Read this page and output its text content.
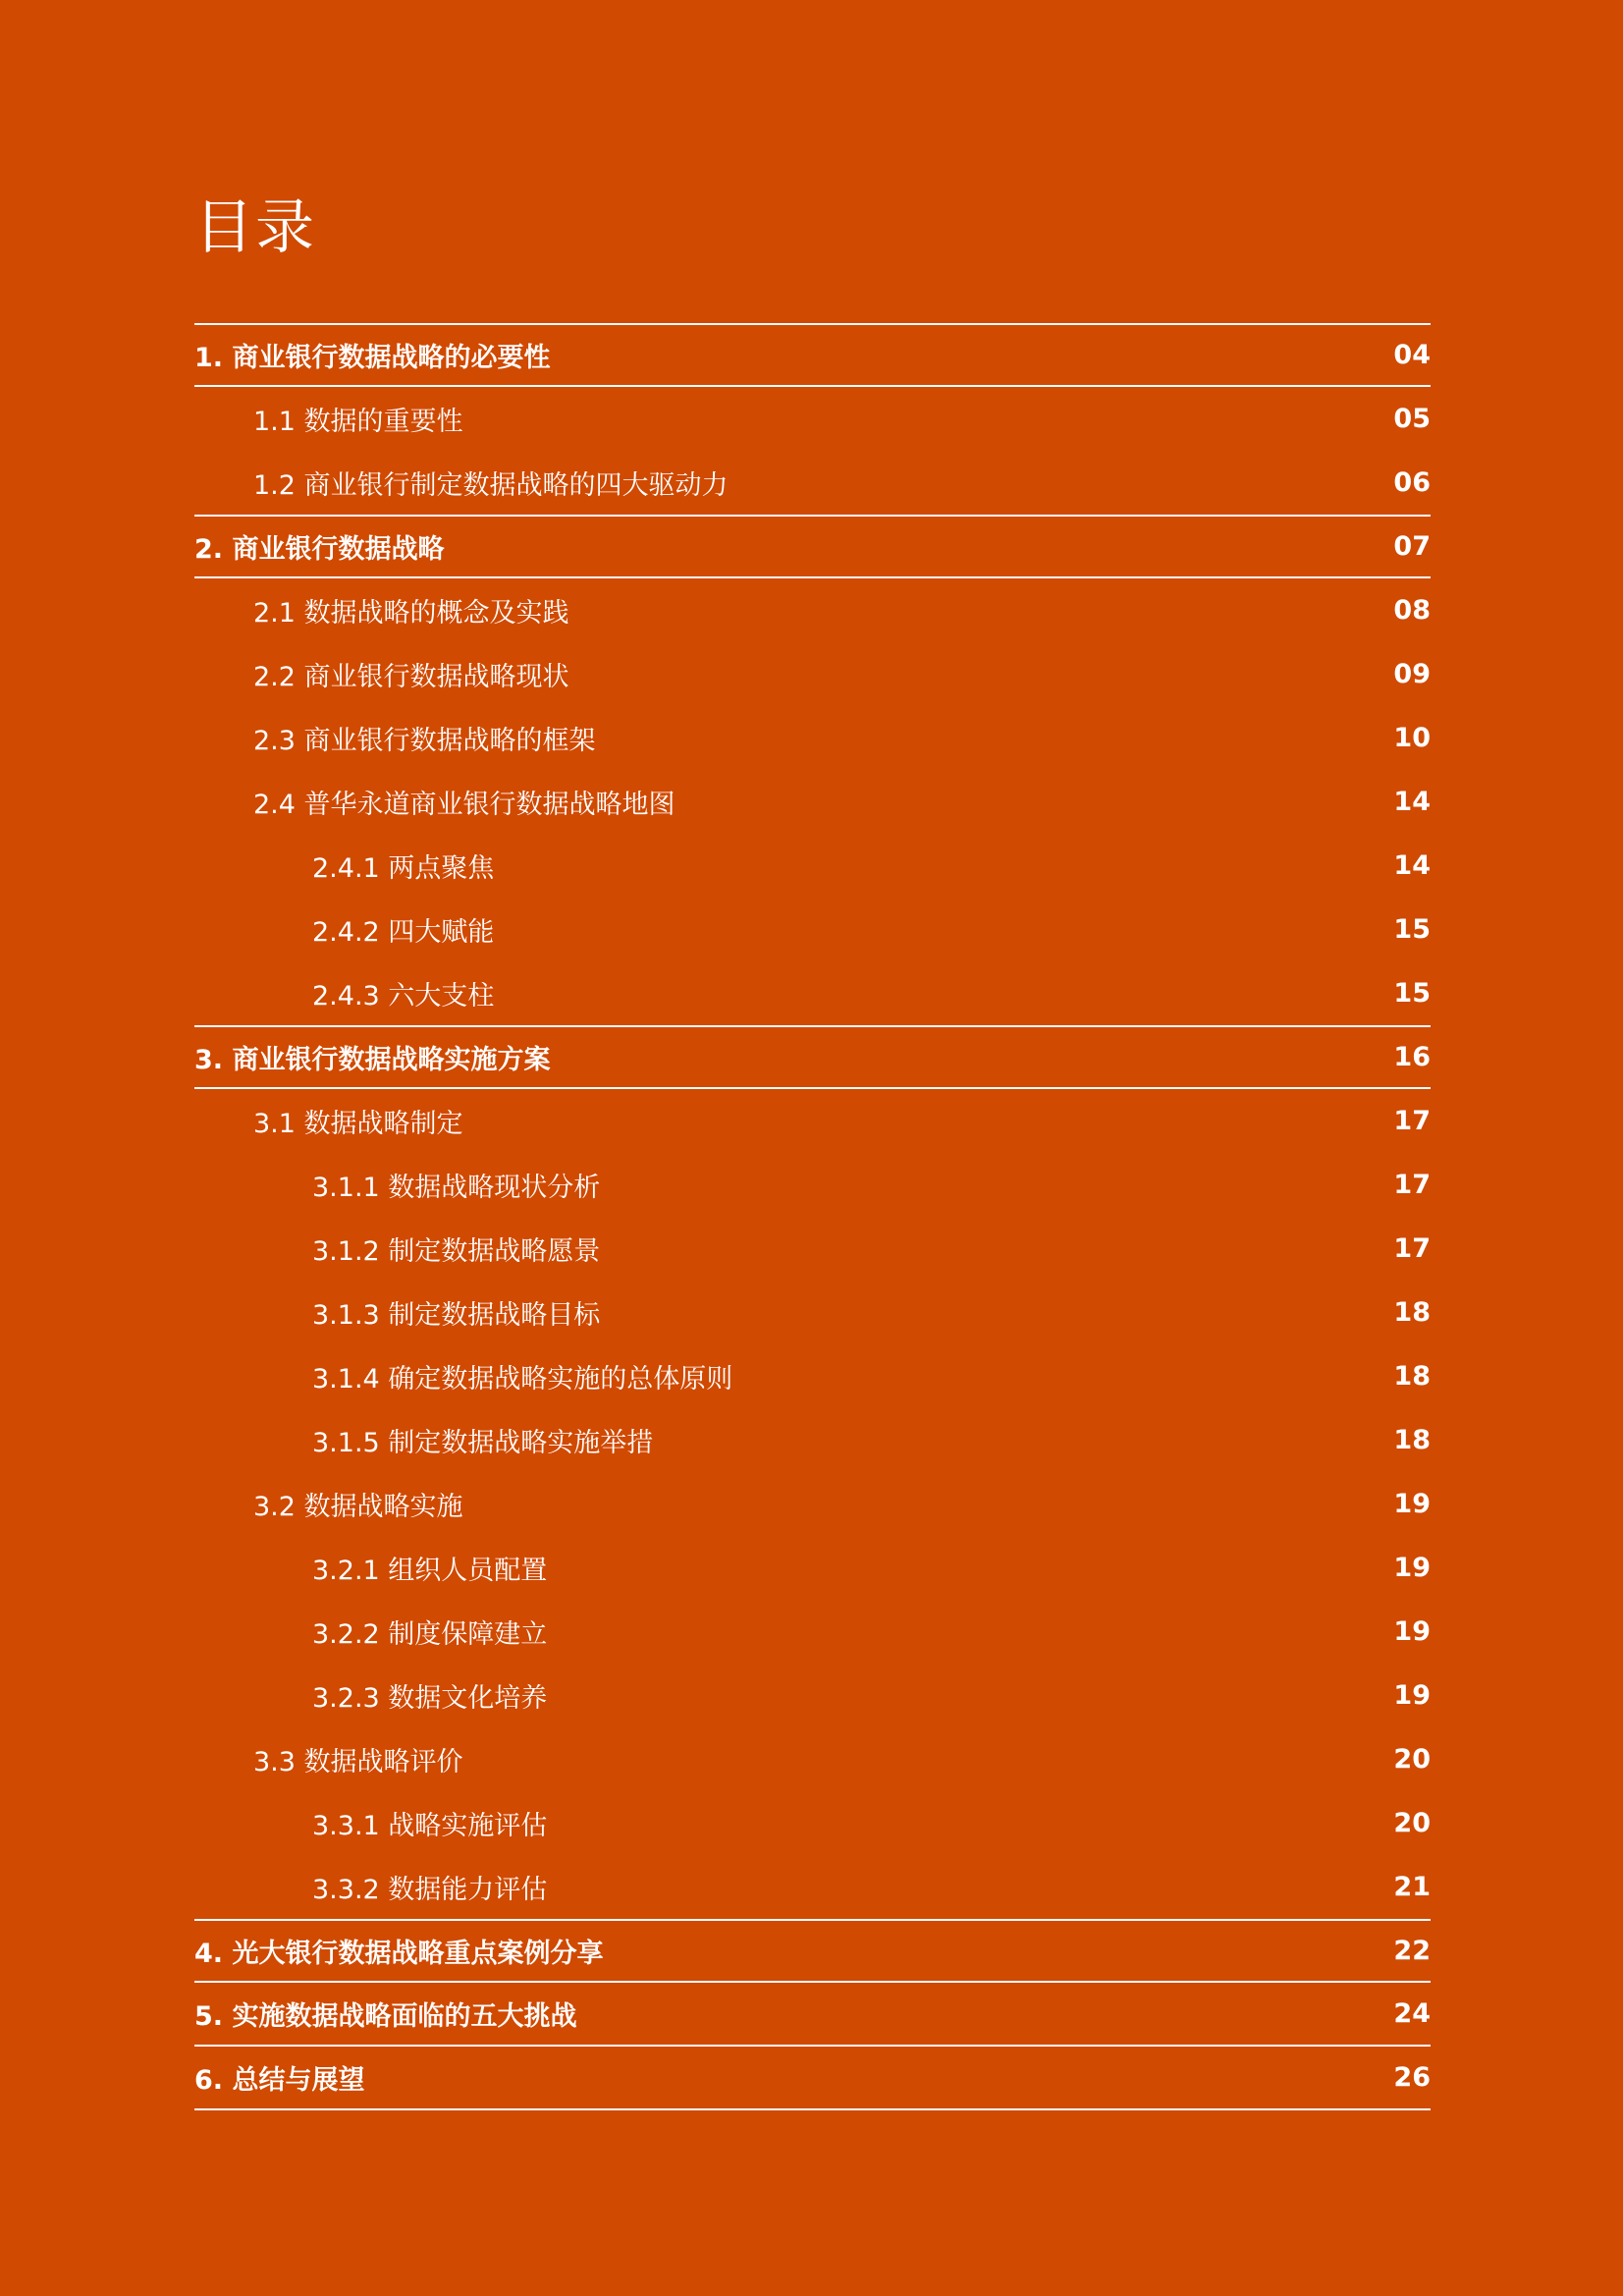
目录
1. 商业银行数据战略的必要性	04
1.1 数据的重要性	05
1.2 商业银行制定数据战略的四大驱动力	06
2. 商业银行数据战略	07
2.1 数据战略的概念及实践	08
2.2 商业银行数据战略现状	09
2.3 商业银行数据战略的框架	10
2.4 普华永道商业银行数据战略地图	14
2.4.1 两点聚焦	14
2.4.2 四大赋能	15
2.4.3 六大支柱	15
3. 商业银行数据战略实施方案	16
3.1 数据战略制定	17
3.1.1 数据战略现状分析	17
3.1.2 制定数据战略愿景	17
3.1.3 制定数据战略目标	18
3.1.4 确定数据战略实施的总体原则	18
3.1.5 制定数据战略实施举措	18
3.2 数据战略实施	19
3.2.1 组织人员配置	19
3.2.2 制度保障建立	19
3.2.3 数据文化培养	19
3.3 数据战略评价	20
3.3.1 战略实施评估	20
3.3.2 数据能力评估	21
4. 光大银行数据战略重点案例分享	22
5. 实施数据战略面临的五大挑战	24
6. 总结与展望	26
